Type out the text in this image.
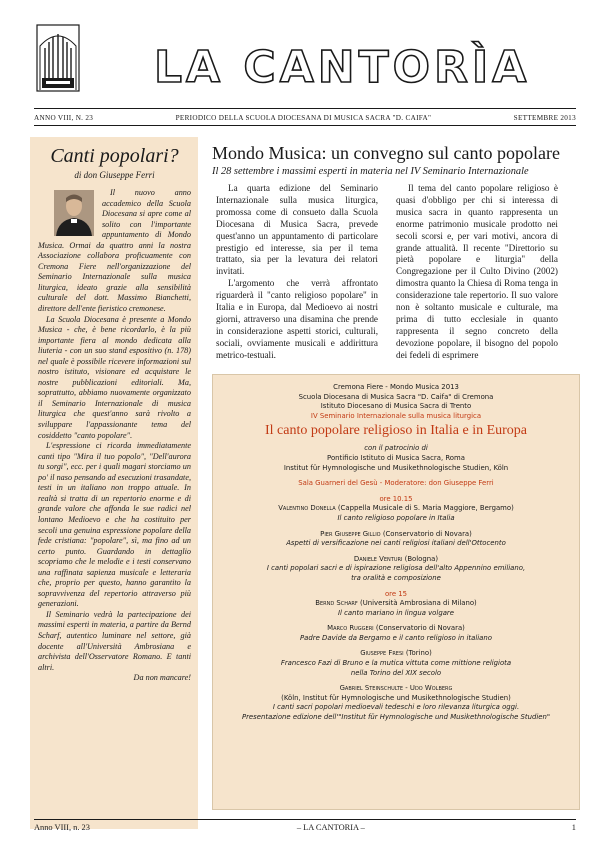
LA CANTORÌA
ANNO VIII, N. 23	PERIODICO DELLA SCUOLA DIOCESANA DI MUSICA SACRA "D. CAIFA"	SETTEMBRE 2013
Canti popolari?
di don Giuseppe Ferri

Il nuovo anno accademico della Scuola Diocesana si apre come al solito con l'importante appuntamento di Mondo Musica. Ormai da quattro anni la nostra Associazione collabora proficuamente con Cremona Fiere nell'organizzazione del Seminario Internazionale sulla musica liturgica, ideato grazie alla sensibilità culturale del dott. Massimo Bianchetti, direttore dell'ente fieristico cremonese.

La Scuola Diocesana è presente a Mondo Musica - che, è bene ricordarlo, è la più importante fiera al mondo dedicata alla liuteria - con un suo stand espositivo (n. 178) nel quale è possibile ricevere informazioni sul nostro istituto, visionare ed acquistare le nostre pubblicazioni editoriali. Ma, soprattutto, abbiamo nuovamente organizzato il Seminario Internazionale di musica liturgica che quest'anno sarà rivolto a sviluppare l'appassionante tema del cosiddetto "canto popolare".

L'espressione ci ricorda immediatamente canti tipo "Mira il tuo popolo", "Dell'aurora tu sorgi", ecc. per i quali magari storciamo un po' il naso pensando ad esecuzioni trasandate, testi in un italiano non troppo attuale. In realtà si tratta di un repertorio enorme e di grande valore che affonda le sue radici nel lontano Medioevo e che ha costituito per secoli una genuina espressione popolare della fede cristiana: "popolare", sì, ma fino ad un certo punto. Guardando in dettaglio scopriamo che le melodie e i testi conservano una raffinata sapienza musicale e letteraria che, proprio per questo, hanno garantito la sopravvivenza del repertorio attraverso più generazioni.

Il Seminario vedrà la partecipazione dei massimi esperti in materia, a partire da Bernd Scharf, autentico luminare nel settore, già docente all'Università Ambrosiana e archivista dell'Osservatore Romano. E tanti altri.

Da non mancare!

Mondo Musica: un convegno sul canto popolare
Il 28 settembre i massimi esperti in materia nel IV Seminario Internazionale

La quarta edizione del Seminario Internazionale sulla musica liturgica, promossa come di consueto dalla Scuola Diocesana di Musica Sacra, prevede quest'anno un appuntamento di particolare prestigio ed interesse, sia per il tema trattato, sia per la levatura dei relatori invitati.

L'argomento che verrà affrontato riguarderà il "canto religioso popolare" in Italia e in Europa, dal Medioevo ai nostri giorni, attraverso una disamina che prende in considerazione aspetti storici, culturali, sociali, ovviamente musicali e addirittura metrico-testuali.

Il tema del canto popolare religioso è quasi d'obbligo per chi si interessa di musica sacra in quanto rappresenta un enorme patrimonio musicale prodotto nei secoli scorsi e, per vari motivi, ancora di grande attualità. Il recente "Direttorio su pietà popolare e liturgia" della Congregazione per il Culto Divino (2002) dimostra quanto la Chiesa di Roma tenga in considerazione tale repertorio. Il suo valore non è soltanto musicale e culturale, ma prima di tutto ecclesiale in quanto rappresenta il segno concreto della devozione popolare, il bisogno del popolo dei fedeli di esprimere

Cremona Fiere - Mondo Musica 2013
Scuola Diocesana di Musica Sacra "D. Caifa" di Cremona
Istituto Diocesano di Musica Sacra di Trento
IV Seminario Internazionale sulla musica liturgica
Il canto popolare religioso in Italia e in Europa
con il patrocinio di
Pontificio Istituto di Musica Sacra, Roma
Institut für Hymnologische und Musikethnologische Studien, Köln
Sala Guarneri del Gesù - Moderatore: don Giuseppe Ferri
ore 10.15
Valentino Donella (Cappella Musicale di S. Maria Maggiore, Bergamo)
Il canto religioso popolare in Italia
Pier Giuseppe Gillio (Conservatorio di Novara)
Aspetti di versificazione nei canti religiosi italiani dell'Ottocento
Daniele Venturi (Bologna)
I canti popolari sacri e di ispirazione religiosa dell'alto Appennino emiliano,
tra oralità e composizione
ore 15
Bernd Scharf (Università Ambrosiana di Milano)
Il canto mariano in lingua volgare
Marco Ruggeri (Conservatorio di Novara)
Padre Davide da Bergamo e il canto religioso in italiano
Giuseppe Fresi (Torino)
Francesco Fazi di Bruno e la mutica vittuta come mittione religiota
nella Torino del XIX secolo
Gabriel Steinschulte - Udo Wolberg
(Köln, Institut für Hymnologische und Musikethnologische Studien)
I canti sacri popolari medioevali tedeschi e loro rilevanza liturgica oggi.
Presentazione edizione dell'"Institut für Hymnologische und Musikethnologische Studien"
Anno VIII, n. 23	– LA CANTORIA –	1
